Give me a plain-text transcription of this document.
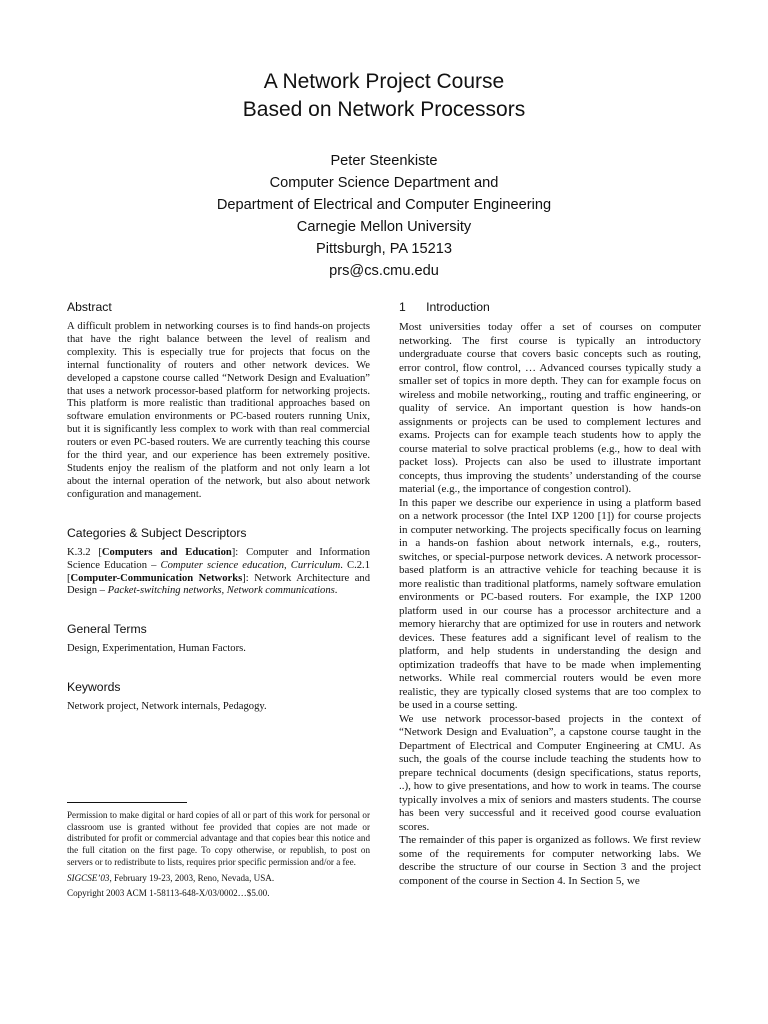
A Network Project Course
Based on Network Processors
Peter Steenkiste
Computer Science Department and
Department of Electrical and Computer Engineering
Carnegie Mellon University
Pittsburgh, PA 15213
prs@cs.cmu.edu
Abstract

A difficult problem in networking courses is to find hands-on projects that have the right balance between the level of realism and complexity. This is especially true for projects that focus on the internal functionality of routers and other network devices. We developed a capstone course called “Network Design and Evaluation” that uses a network processor-based platform for networking projects. This platform is more realistic than traditional approaches based on software emulation environments or PC-based routers running Unix, but it is significantly less complex to work with than real commercial routers or even PC-based routers. We are currently teaching this course for the third year, and our experience has been extremely positive. Students enjoy the realism of the platform and not only learn a lot about the internal operation of the network, but also about network configuration and management.

Categories & Subject Descriptors

K.3.2 [Computers and Education]: Computer and Information Science Education – Computer science education, Curriculum. C.2.1 [Computer-Communication Networks]: Network Architecture and Design – Packet-switching networks, Network communications.

General Terms

Design, Experimentation, Human Factors.

Keywords

Network project, Network internals, Pedagogy.

Permission to make digital or hard copies of all or part of this work for personal or classroom use is granted without fee provided that copies are not made or distributed for profit or commercial advantage and that copies bear this notice and the full citation on the first page. To copy otherwise, or republish, to post on servers or to redistribute to lists, requires prior specific permission and/or a fee.
SIGCSE’03, February 19-23, 2003, Reno, Nevada, USA.
Copyright 2003 ACM 1-58113-648-X/03/0002…$5.00.
1      Introduction

Most universities today offer a set of courses on computer networking. The first course is typically an introductory undergraduate course that covers basic concepts such as routing, error control, flow control, … Advanced courses typically study a smaller set of topics in more depth. They can for example focus on wireless and mobile networking,, routing and traffic engineering, or quality of service. An important question is how hands-on assignments or projects can be used to complement lectures and exams. Projects can for example teach students how to apply the course material to solve practical problems (e.g., how to deal with packet loss). Projects can also be used to illustrate important concepts, thus improving the students’ understanding of the course material (e.g., the importance of congestion control).

In this paper we describe our experience in using a platform based on a network processor (the Intel IXP 1200 [1]) for course projects in computer networking. The projects specifically focus on learning in a hands-on fashion about network internals, e.g., routers, switches, or special-purpose network devices. A network processor-based platform is an attractive vehicle for teaching because it is more realistic than traditional platforms, namely software emulation environments or PC-based routers. For example, the IXP 1200 platform used in our course has a processor architecture and a memory hierarchy that are optimized for use in routers and network devices. These features add a significant level of realism to the platform, and help students in understanding the design and optimization tradeoffs that have to be made when implementing networks. While real commercial routers would be even more realistic, they are typically closed systems that are too complex to be used in a course setting.

We use network processor-based projects in the context of “Network Design and Evaluation”, a capstone course taught in the Department of Electrical and Computer Engineering at CMU. As such, the goals of the course include teaching the students how to prepare technical documents (design specifications, status reports, ..), how to give presentations, and how to work in teams. The course typically involves a mix of seniors and masters students. The course has been very successful and it received good course evaluation scores.

The remainder of this paper is organized as follows. We first review some of the requirements for computer networking labs. We describe the structure of our course in Section 3 and the project component of the course in Section 4. In Section 5, we
